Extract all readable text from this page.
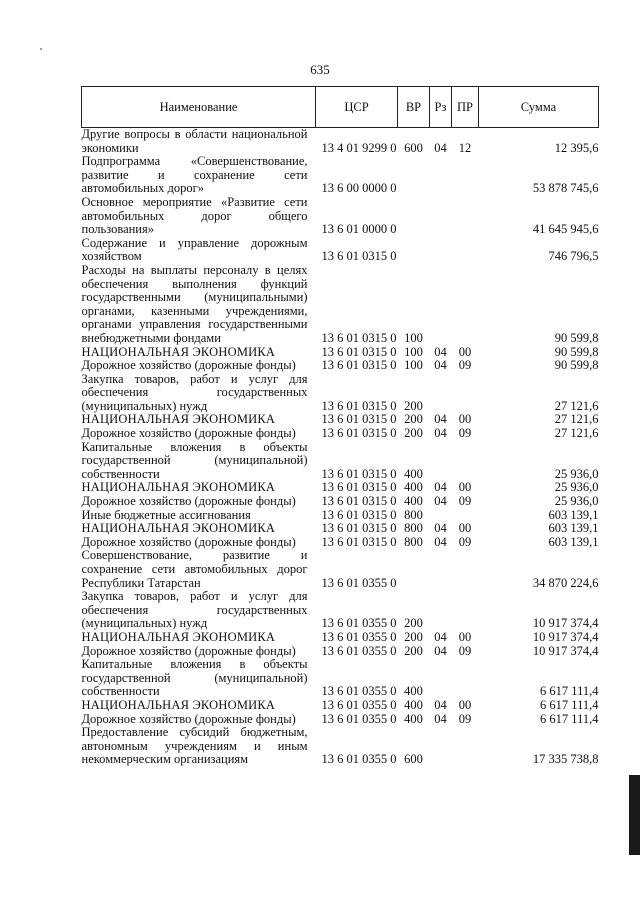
635
Наименование	ЦСР	ВР	Рз	ПР	Сумма
Другие вопросы в области национальной экономики	13 4 01 9299 0	600	04	12	12 395,6
Подпрограмма «Совершенствование, развитие и сохранение сети автомобильных дорог»	13 6 00 0000 0				53 878 745,6
Основное мероприятие «Развитие сети автомобильных дорог общего пользования»	13 6 01 0000 0				41 645 945,6
Содержание и управление дорожным хозяйством	13 6 01 0315 0				746 796,5
Расходы на выплаты персоналу в целях обеспечения выполнения функций государственными (муниципальными) органами, казенными учреждениями, органами управления государственными внебюджетными фондами	13 6 01 0315 0	100			90 599,8
НАЦИОНАЛЬНАЯ ЭКОНОМИКА	13 6 01 0315 0	100	04	00	90 599,8
Дорожное хозяйство (дорожные фонды)	13 6 01 0315 0	100	04	09	90 599,8
Закупка товаров, работ и услуг для обеспечения государственных (муниципальных) нужд	13 6 01 0315 0	200			27 121,6
НАЦИОНАЛЬНАЯ ЭКОНОМИКА	13 6 01 0315 0	200	04	00	27 121,6
Дорожное хозяйство (дорожные фонды)	13 6 01 0315 0	200	04	09	27 121,6
Капитальные вложения в объекты государственной (муниципальной) собственности	13 6 01 0315 0	400			25 936,0
НАЦИОНАЛЬНАЯ ЭКОНОМИКА	13 6 01 0315 0	400	04	00	25 936,0
Дорожное хозяйство (дорожные фонды)	13 6 01 0315 0	400	04	09	25 936,0
Иные бюджетные ассигнования	13 6 01 0315 0	800			603 139,1
НАЦИОНАЛЬНАЯ ЭКОНОМИКА	13 6 01 0315 0	800	04	00	603 139,1
Дорожное хозяйство (дорожные фонды)	13 6 01 0315 0	800	04	09	603 139,1
Совершенствование, развитие и сохранение сети автомобильных дорог Республики Татарстан	13 6 01 0355 0				34 870 224,6
Закупка товаров, работ и услуг для обеспечения государственных (муниципальных) нужд	13 6 01 0355 0	200			10 917 374,4
НАЦИОНАЛЬНАЯ ЭКОНОМИКА	13 6 01 0355 0	200	04	00	10 917 374,4
Дорожное хозяйство (дорожные фонды)	13 6 01 0355 0	200	04	09	10 917 374,4
Капитальные вложения в объекты государственной (муниципальной) собственности	13 6 01 0355 0	400			6 617 111,4
НАЦИОНАЛЬНАЯ ЭКОНОМИКА	13 6 01 0355 0	400	04	00	6 617 111,4
Дорожное хозяйство (дорожные фонды)	13 6 01 0355 0	400	04	09	6 617 111,4
Предоставление субсидий бюджетным, автономным учреждениям и иным некоммерческим организациям	13 6 01 0355 0	600			17 335 738,8
